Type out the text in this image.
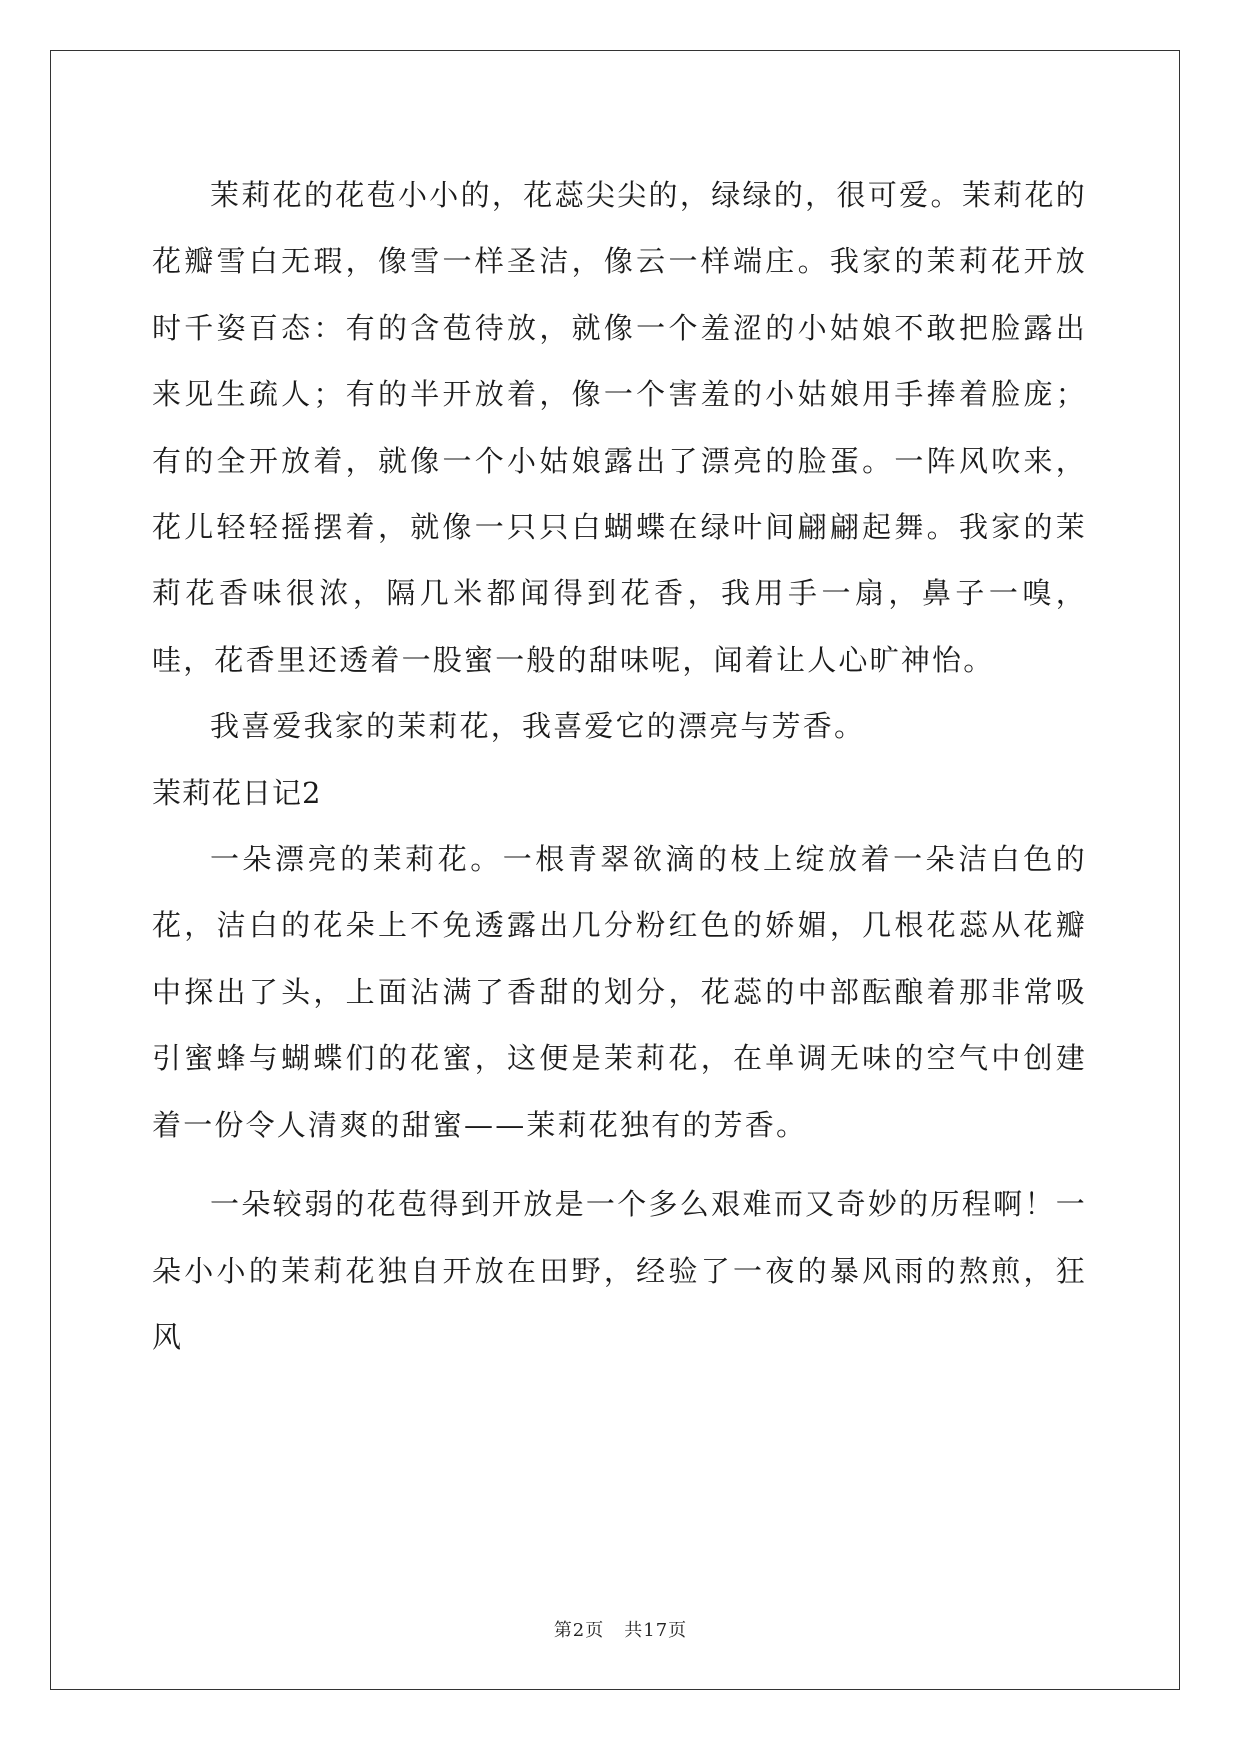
茉莉花的花苞小小的，花蕊尖尖的，绿绿的，很可爱。茉莉花的花瓣雪白无瑕，像雪一样圣洁，像云一样端庄。我家的茉莉花开放时千姿百态：有的含苞待放，就像一个羞涩的小姑娘不敢把脸露出来见生疏人；有的半开放着，像一个害羞的小姑娘用手捧着脸庞；有的全开放着，就像一个小姑娘露出了漂亮的脸蛋。一阵风吹来，花儿轻轻摇摆着，就像一只只白蝴蝶在绿叶间翩翩起舞。我家的茉莉花香味很浓，隔几米都闻得到花香，我用手一扇，鼻子一嗅，哇，花香里还透着一股蜜一般的甜味呢，闻着让人心旷神怡。

我喜爱我家的茉莉花，我喜爱它的漂亮与芳香。

茉莉花日记2

一朵漂亮的茉莉花。一根青翠欲滴的枝上绽放着一朵洁白色的花，洁白的花朵上不免透露出几分粉红色的娇媚，几根花蕊从花瓣中探出了头，上面沾满了香甜的划分，花蕊的中部酝酿着那非常吸引蜜蜂与蝴蝶们的花蜜，这便是茉莉花，在单调无味的空气中创建着一份令人清爽的甜蜜——茉莉花独有的芳香。

一朵较弱的花苞得到开放是一个多么艰难而又奇妙的历程啊！一朵小小的茉莉花独自开放在田野，经验了一夜的暴风雨的熬煎，狂风

第2页 共17页
